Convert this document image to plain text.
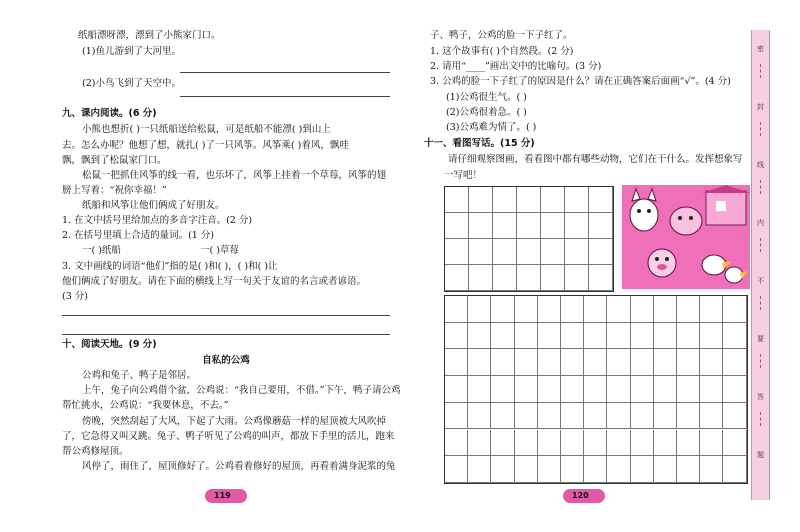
纸船漂呀漂，漂到了小熊家门口。
(1)鱼儿游到了大河里。
(2)小鸟飞到了天空中。
九、课内阅读。(6 分)
小熊也想折( )一只纸船送给松鼠，可是纸船不能漂( )到山上
去。怎么办呢？他想了想，就扎( )了一只风筝。风筝乘( )着风，飘哇
飘，飘到了松鼠家门口。
松鼠一把抓住风筝的线一看，也乐坏了，风筝上挂着一个草莓，风筝的翅
膀上写着：“祝你幸福！”
纸船和风筝让他们俩成了好朋友。
1. 在文中括号里给加点的多音字注音。(2 分)
2. 在括号里填上合适的量词。(1 分)
一( )纸船	一( )草莓
3. 文中画线的词语“他们”指的是( )和( )，( )和( )让
他们俩成了好朋友。请在下面的横线上写一句关于友谊的名言或者谚语。
(3 分)
十、阅读天地。(9 分)
自私的公鸡
公鸡和兔子、鸭子是邻居。
上午，兔子向公鸡借个盆，公鸡说：“我自己要用，不借。”下午，鸭子请公鸡
帮忙挑水，公鸡说：“我要休息，不去。”
傍晚，突然刮起了大风，下起了大雨。公鸡像蘑菇一样的屋顶被大风吹掉
了，它急得又叫又跳。兔子、鸭子听见了公鸡的叫声，都放下手里的活儿，跑来
帮公鸡修屋顶。
风停了，雨住了，屋顶修好了。公鸡看着修好的屋顶，再看着满身泥浆的兔
119
子、鸭子，公鸡的脸一下子红了。
1. 这个故事有( )个自然段。(2 分)
2. 请用“____”画出文中的比喻句。(3 分)
3. 公鸡的脸一下子红了的原因是什么？请在正确答案后面画“√”。(4 分)
(1)公鸡很生气。( )
(2)公鸡很着急。( )
(3)公鸡难为情了。( )
十一、看图写话。(15 分)
请仔细观察图画，看看图中都有哪些动物，它们在干什么。发挥想象写
一写吧！
120
密
封
线
内
不
要
答
题
